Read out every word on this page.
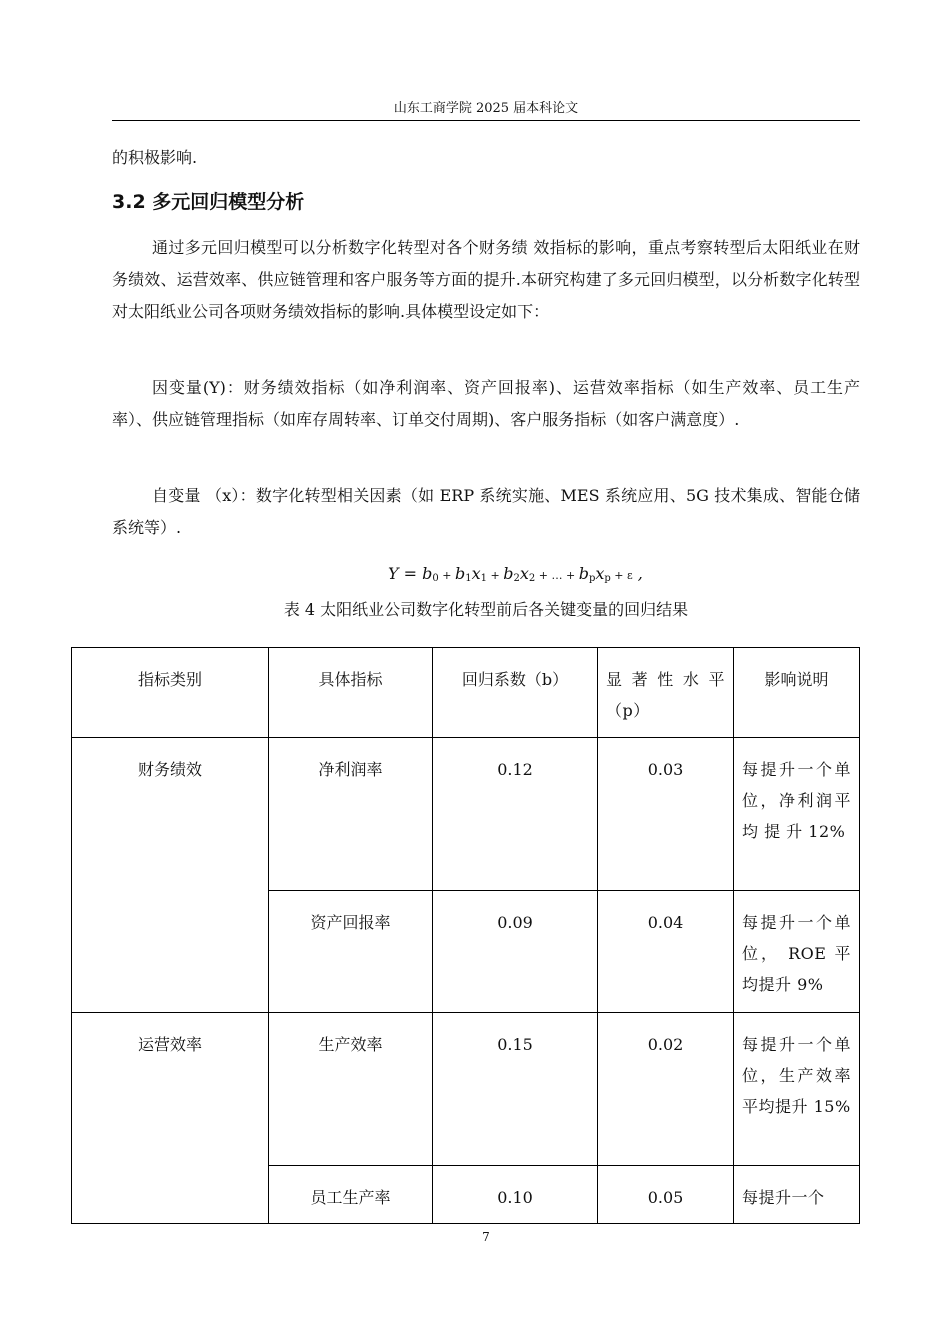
山东工商学院 2025 届本科论文
的积极影响.
3.2 多元回归模型分析
通过多元回归模型可以分析数字化转型对各个财务绩 效指标的影响，重点考察转型后太阳纸业在财务绩效、运营效率、供应链管理和客户服务等方面的提升.本研究构建了多元回归模型，以分析数字化转型对太阳纸业公司各项财务绩效指标的影响.具体模型设定如下：
因变量(Y)：财务绩效指标（如净利润率、资产回报率)、运营效率指标（如生产效率、员工生产率）、供应链管理指标（如库存周转率、订单交付周期)、客户服务指标（如客户满意度）.
自变量 （x）：数字化转型相关因素（如 ERP 系统实施、MES 系统应用、5G 技术集成、智能仓储系统等）.
$Y = b_0 + b_1x_1 + b_2x_2$ + … + $b_px_p + \varepsilon$ ,
表 4 太阳纸业公司数字化转型前后各关键变量的回归结果
指标类别	具体指标	回归系数（b）	显 著 性 水 平（p）	影响说明
财务绩效	净利润率	0.12	0.03	每提升一个单位，净利润平 均 提 升 12%
	资产回报率	0.09	0.04	每提升一个单 位， ROE 平均提升 9%
运营效率	生产效率	0.15	0.02	每提升一个单位，生产效率平均提升 15%
	员工生产率	0.10	0.05	每提升一个
7
